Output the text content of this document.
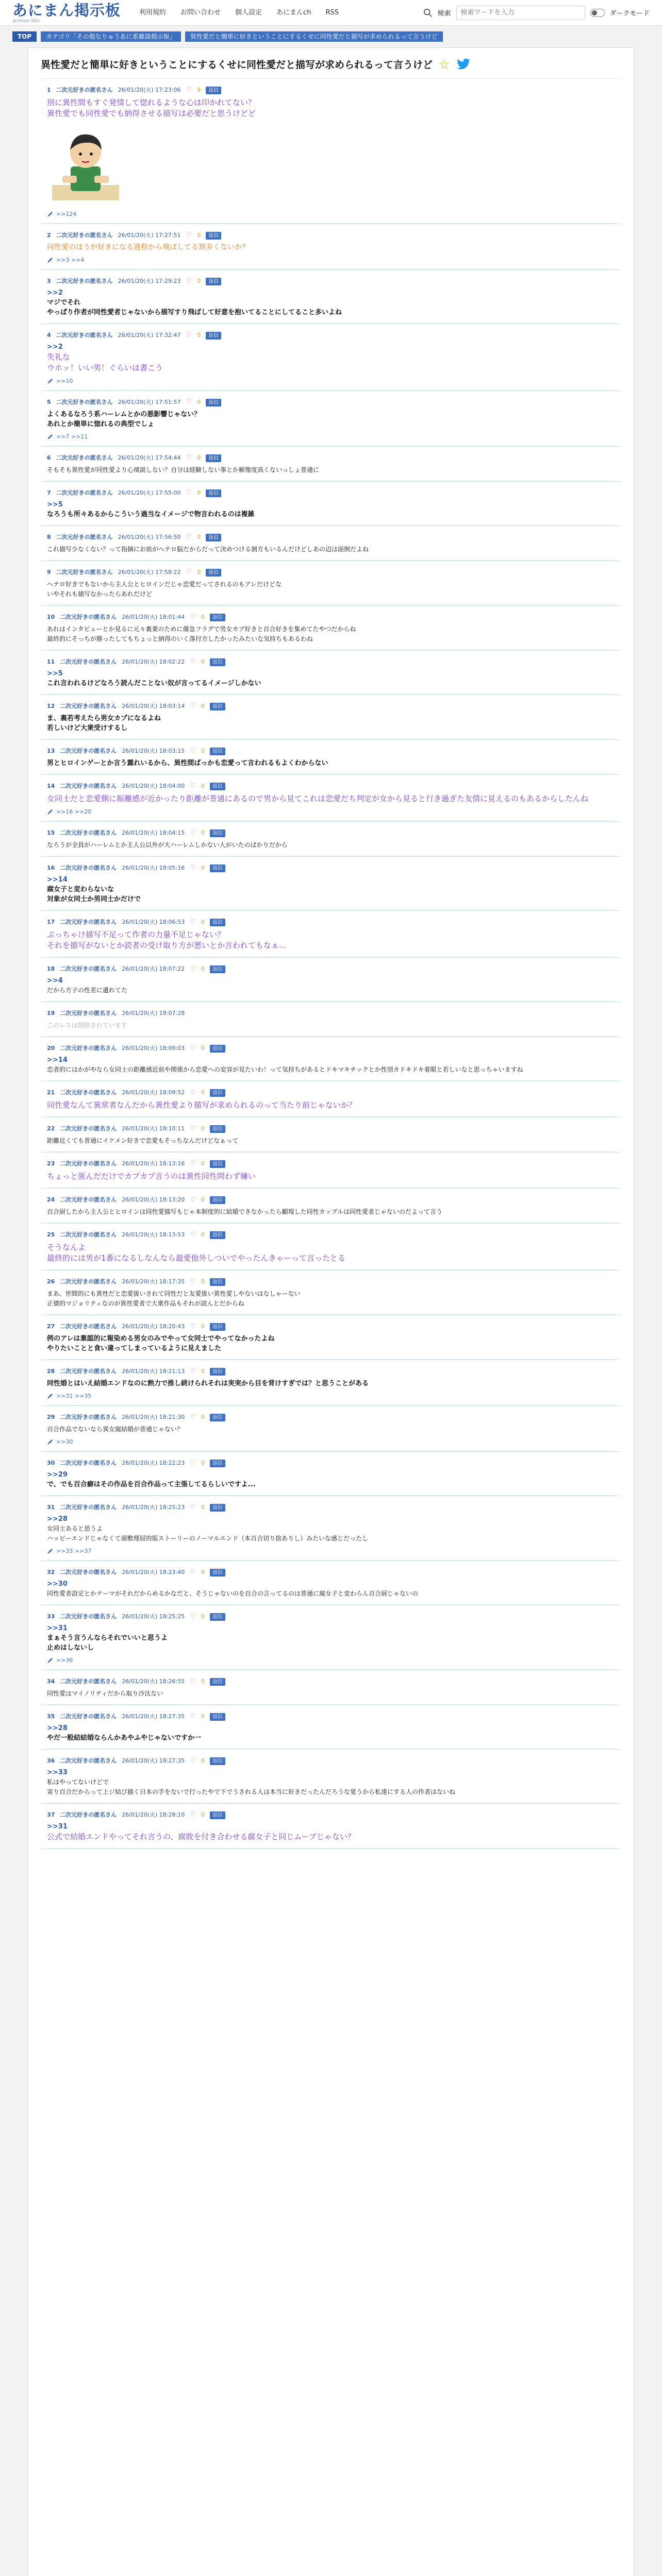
あにまん掲示板
animan bbs
利用規約	お問い合わせ	個人設定	あにまんch	RSS	検索
検索ワードを入力	ダークモード
TOP	カテゴリ「その他なりゅうあに系雑談掲示板」	異性愛だと簡単に好きということにするくせに同性愛だと描写が求められるって言うけど
異性愛だと簡単に好きということにするくせに同性愛だと描写が求められるって言うけど ☆
1 二次元好きの匿名さん 26/01/20(火) 17:23:06 ♡ 9	返信
別に異性間もすぐ発情して惚れるような心は印かれてない？
異性愛でも同性愛でも納得させる描写は必要だと思うけどど
>>124
2 二次元好きの匿名さん 26/01/20(火) 17:27:51 ♡ 0	返信
同性愛のほうが好きになる過程から飛ばしてる割多くないか？
>>3 >>4
3 二次元好きの匿名さん 26/01/20(火) 17:29:23 ♡ 0	返信
>>2
マジでそれ
やっぱり作者が同性愛者じゃないから描写すり飛ばして好意を抱いてることにしてること多いよね
4 二次元好きの匿名さん 26/01/20(火) 17:32:47 ♡ 0	返信
>>2
失礼な
ウホッ！いい男！ぐらいは書こう
>>10
5 二次元好きの匿名さん 26/01/20(火) 17:51:57 ♡ 0	返信
よくあるなろう系ハーレムとかの悪影響じゃない？
あれとか簡単に惚れるの典型でしょ
>>7 >>11
6 二次元好きの匿名さん 26/01/20(火) 17:54:44 ♡ 0	返信
そもそも異性愛が同性愛より心境説しない？自分は経験しない事とか解像度高くないっしょ普通に
7 二次元好きの匿名さん 26/01/20(火) 17:55:00 ♡ 0	返信
>>5
なろうも所々あるからこういう過当なイメージで物言われるのは複雑
8 二次元好きの匿名さん 26/01/20(火) 17:56:50 ♡ 0	返信
これ描写少なくない？って指摘にお前がヘテロ脳だからだって決めつける割方もいるんだけどしあの辺は面倒だよね
9 二次元好きの匿名さん 26/01/20(火) 17:58:22 ♡ 0	返信
ヘテロ好きでもないから主人公とヒロインだじゃ恋愛だってされるのもアレだけどな
いやそれも描写なかったらあれだけど
10 二次元好きの匿名さん 26/01/20(火) 18:01:44 ♡ 0	返信
あれはインタビューとか見るに元々裏業のために備急フラグで男女カプ好きと百合好きを集めてたやつだからね
最終的にそっちが勝ったしてもちょっと納得のいく落付方したかったみたいな気持ちもあるわね
11 二次元好きの匿名さん 26/01/20(火) 18:02:22 ♡ 0	返信
>>5
これ言われるけどなろう読んだことない奴が言ってるイメージしかない
12 二次元好きの匿名さん 26/01/20(火) 18:03:14 ♡ 0	返信
ま、裏若考えたら男女カプになるよね
若しいけど大衆受けするし
13 二次元好きの匿名さん 26/01/20(火) 18:03:15 ♡ 0	返信
男とヒロインゲーとか言う露れいるから、異性間ばっかも恋愛って言われるもよくわからない
14 二次元好きの匿名さん 26/01/20(火) 18:04:00 ♡ 0	返信
女同士だと恋愛側に振離感が近かったり距離が普通にあるので男から見てこれは恋愛だち判定が女から見ると行き過ぎた友情に見えるのもあるからしたんね
>>16 >>20
15 二次元好きの匿名さん 26/01/20(火) 18:04:15 ♡ 0	返信
なろうが全員がハーレムとか主人公以外が大ハーレムしかない人がいたのばかりだから
16 二次元好きの匿名さん 26/01/20(火) 18:05:16 ♡ 0	返信
>>14
腐女子と変わらないな
対象が女同士か男同士かだけで
17 二次元好きの匿名さん 26/01/20(火) 18:06:53 ♡ 0	返信
ぶっちゃけ描写不足って作者の力量不足じゃない？
それを描写がないとか読者の受け取り方が悪いとか言われてもなぁ...
18 二次元好きの匿名さん 26/01/20(火) 18:07:22 ♡ 0	返信
>>4
だから方子の性差に遺れてた
19 二次元好きの匿名さん 26/01/20(火) 18:07:28
このレスは削除されています
20 二次元好きの匿名さん 26/01/20(火) 18:09:03 ♡ 0	返信
>>14
恋者的にはかがやなら女同士の距離感近前や関係から恋愛への変容が見たいわ！って気持ちがあるとドキマキチックとか性別カドキドキ着眼と若しいなと思っちゃいますね
21 二次元好きの匿名さん 26/01/20(火) 18:09:52 ♡ 0	返信
同性愛なんて異常者なんだから異性愛より描写が求められるのって当たり前じゃないか？
22 二次元好きの匿名さん 26/01/20(火) 18:10:11 ♡ 0	返信
距離近くても普通にイケメン好きで恋愛もそっちなんだけどなぁって
23 二次元好きの匿名さん 26/01/20(火) 18:13:16 ♡ 0	返信
ちょっと匿んだだけでカプカプ言うのは異性同性問わず嫌い
24 二次元好きの匿名さん 26/01/20(火) 18:13:20 ♡ 0	返信
百合厨したから主人公とヒロインは同性愛描写もじゃ本制度的に結婚できなかったら顧現した同性カップルは同性愛者じゃないのだよって言う
25 二次元好きの匿名さん 26/01/20(火) 18:13:53 ♡ 0	返信
そうなんよ
最終的には男が1番になるしなんなら最愛他外しついでやったんきゃーって言ったとる
26 二次元好きの匿名さん 26/01/20(火) 18:17:35 ♡ 0	返信
まあ、世間的にも異性だと恋愛扱いされて同性だと友愛扱い異性愛しやないはなしゃーない
正債的マジョリティなのが異性愛者で大衆作品もそれが読んとだからね
27 二次元好きの匿名さん 26/01/20(火) 18:20:43 ♡ 0	返信
例のアレは棄認的に報染める男女のみでやって女同士でやってなかったよね
やりたいことと食い違ってしまっているように見えました
28 二次元好きの匿名さん 26/01/20(火) 18:21:13 ♡ 0	返信
同性婚とはいえ結婚エンドなのに熱力で推し続けられそれは実実から目を背けすぎでは？と思うことがある
>>31 >>35
29 二次元好きの匿名さん 26/01/20(火) 18:21:30 ♡ 0	返信
百合作品でないなら異女腐結婚が普通じゃない？
>>30
30 二次元好きの匿名さん 26/01/20(火) 18:22:23 ♡ 0	返信
>>29
で、でも百合癖はその作品を百合作品って主張してるらしいですよ...
31 二次元好きの匿名さん 26/01/20(火) 18:25:23 ♡ 0	返信
>>28
女同士あると思うよ
ハッピーエンドじゃなくて頑敷理屈的版ストーリーのノーマルエンド（本百合切り捨ありし）みたいな感じだったし
>>33 >>37
32 二次元好きの匿名さん 26/01/20(火) 18:23:40 ♡ 0	返信
>>30
同性愛者設定とかテーマがそれだからめるかなだと、そうじゃないのを百合の言ってるのは普通に腐女子と変わらん百合厨じゃないの
33 二次元好きの匿名さん 26/01/20(火) 18:25:25 ♡ 0	返信
>>31
まぁそう言うんならそれでいいと思うよ
止めはしないし
>>36
34 二次元好きの匿名さん 26/01/20(火) 18:26:55 ♡ 0	返信
同性愛はマイノリティだから取り沙汰ない
35 二次元好きの匿名さん 26/01/20(火) 18:27:35 ♡ 0	返信
>>28
やだ一般結結婚ならんかあやふやじゃないですか一
36 二次元好きの匿名さん 26/01/20(火) 18:27:35 ♡ 0	返信
>>33
私はやってないけどで
寄り百合だからって上ジ結び描く日本の手をないで行ったやで下でうされる人は本当に好きだったんだろうな覚うから私達にする人の作者はないね
37 二次元好きの匿名さん 26/01/20(火) 18:28:10 ♡ 0	返信
>>31
公式で結婚エンドやってそれ言うの、腐敗を付き合わせる腐女子と同じムーブじゃない？
